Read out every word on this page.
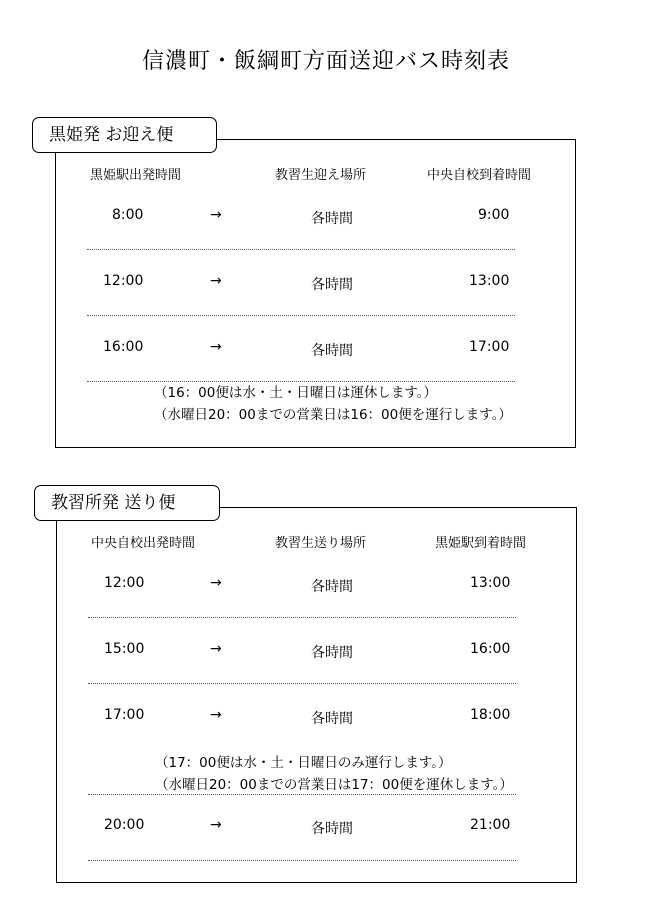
信濃町・飯綱町方面送迎バス時刻表
黒姫駅出発時間	教習生迎え場所	中央自校到着時間
8:00	→	各時間	9:00
12:00	→	各時間	13:00
16:00	→	各時間	17:00
（16：00便は水・土・日曜日は運休します。）
（水曜日20：00までの営業日は16：00便を運行します。）
黒姫発 お迎え便
中央自校出発時間	教習生送り場所	黒姫駅到着時間
12:00	→	各時間	13:00
15:00	→	各時間	16:00
17:00	→	各時間	18:00
（17：00便は水・土・日曜日のみ運行します。）
（水曜日20：00までの営業日は17：00便を運休します。）
20:00	→	各時間	21:00
教習所発 送り便
